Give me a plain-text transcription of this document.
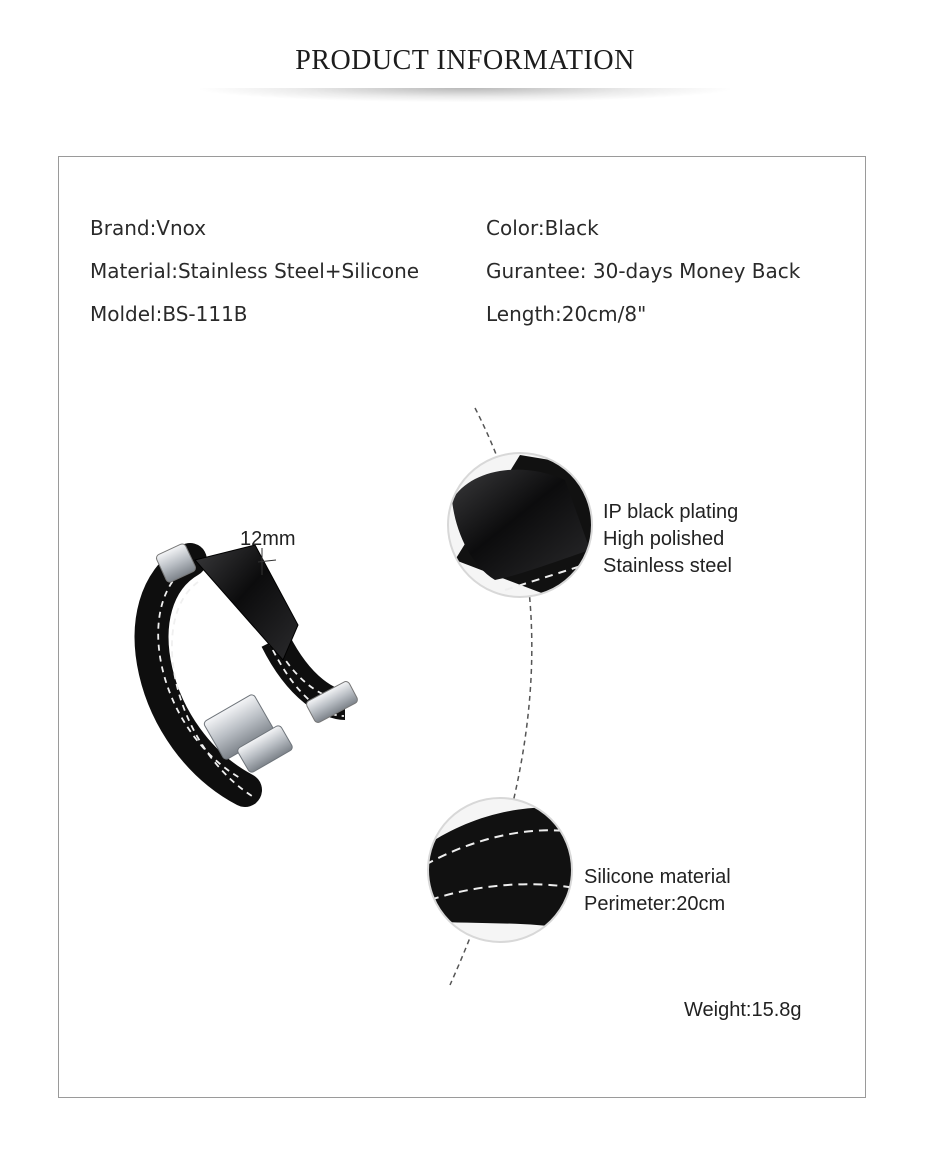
PRODUCT INFORMATION
Brand:Vnox
Material:Stainless Steel+Silicone
Moldel:BS-111B
Color:Black
Gurantee: 30-days Money Back
Length:20cm/8"
12mm
IP black plating
High polished
Stainless steel
Silicone material
Perimeter:20cm
Weight:15.8g
